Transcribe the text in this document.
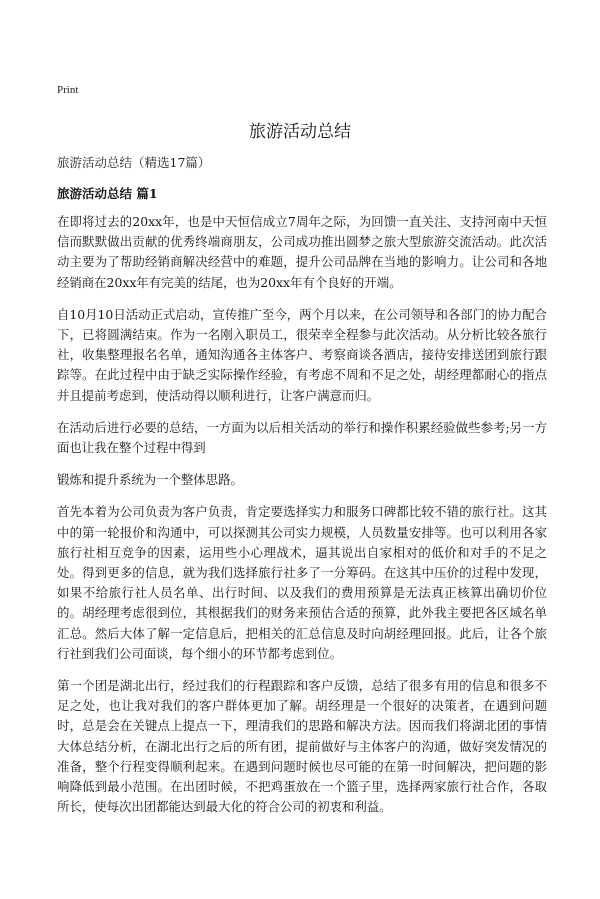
Print
旅游活动总结
旅游活动总结（精选17篇）
旅游活动总结 篇1

在即将过去的20xx年，也是中天恒信成立7周年之际，为回馈一直关注、支持河南中天恒信而默默做出贡献的优秀终端商朋友，公司成功推出圆梦之旅大型旅游交流活动。此次活动主要为了帮助经销商解决经营中的难题，提升公司品牌在当地的影响力。让公司和各地经销商在20xx年有完美的结尾，也为20xx年有个良好的开端。

自10月10日活动正式启动，宣传推广至今，两个月以来，在公司领导和各部门的协力配合下，已将圆满结束。作为一名刚入职员工，很荣幸全程参与此次活动。从分析比较各旅行社，收集整理报名名单，通知沟通各主体客户、考察商谈各酒店，接待安排送团到旅行跟踪等。在此过程中由于缺乏实际操作经验，有考虑不周和不足之处，胡经理都耐心的指点并且提前考虑到，使活动得以顺利进行，让客户满意而归。

在活动后进行必要的总结，一方面为以后相关活动的举行和操作积累经验做些参考;另一方面也让我在整个过程中得到

锻炼和提升系统为一个整体思路。

首先本着为公司负责为客户负责，肯定要选择实力和服务口碑都比较不错的旅行社。这其中的第一轮报价和沟通中，可以探测其公司实力规模，人员数量安排等。也可以利用各家旅行社相互竞争的因素，运用些小心理战术，逼其说出自家相对的低价和对手的不足之处。得到更多的信息，就为我们选择旅行社多了一分筹码。在这其中压价的过程中发现，如果不给旅行社人员名单、出行时间、以及我们的费用预算是无法真正核算出确切价位的。胡经理考虑很到位，其根据我们的财务来预估合适的预算，此外我主要把各区域名单汇总。然后大体了解一定信息后，把相关的汇总信息及时向胡经理回报。此后，让各个旅行社到我们公司面谈，每个细小的环节都考虑到位。

第一个团是湖北出行，经过我们的行程跟踪和客户反馈，总结了很多有用的信息和很多不足之处，也让我对我们的客户群体更加了解。胡经理是一个很好的决策者，在遇到问题时，总是会在关键点上提点一下，理清我们的思路和解决方法。因而我们将湖北团的事情大体总结分析，在湖北出行之后的所有团，提前做好与主体客户的沟通，做好突发情况的准备，整个行程变得顺利起来。在遇到问题时候也尽可能的在第一时间解决，把问题的影响降低到最小范围。在出团时候，不把鸡蛋放在一个篮子里，选择两家旅行社合作，各取所长，使每次出团都能达到最大化的符合公司的初衷和利益。
